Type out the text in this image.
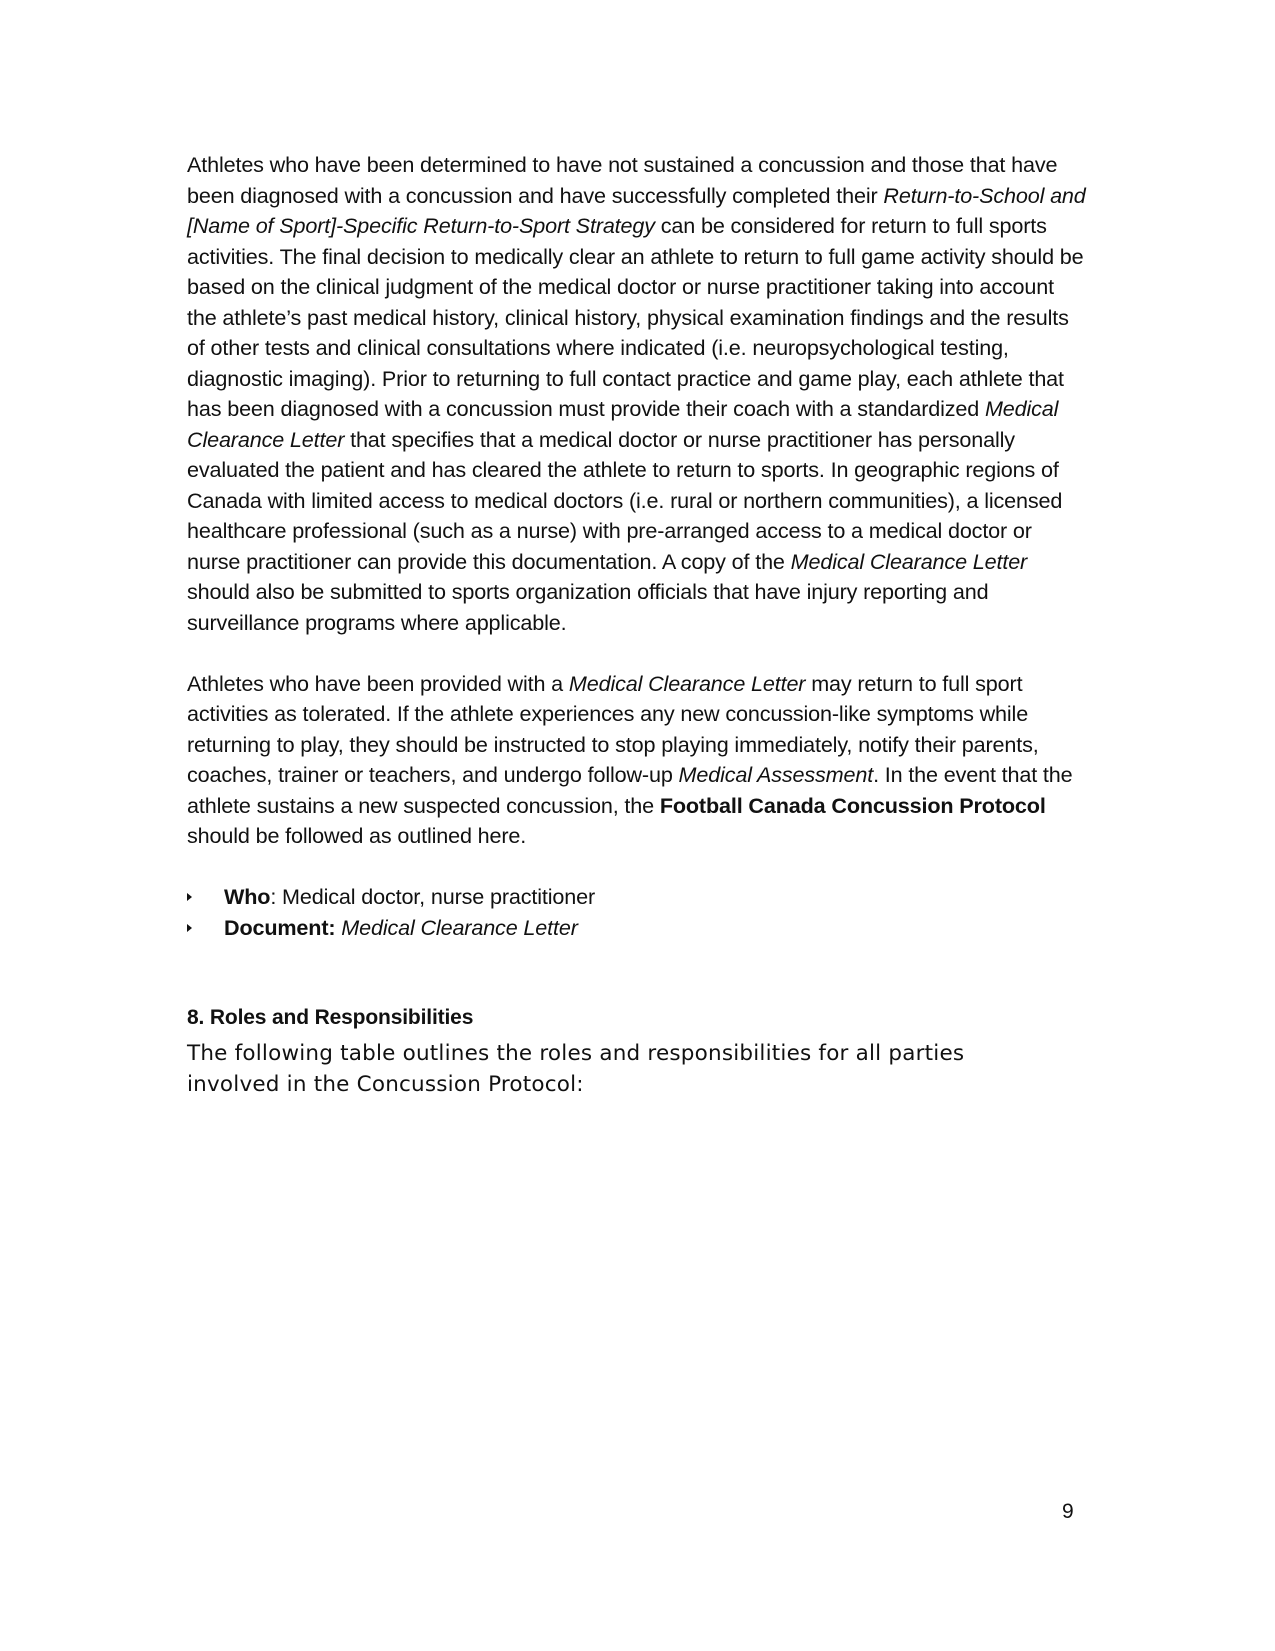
Athletes who have been determined to have not sustained a concussion and those that have been diagnosed with a concussion and have successfully completed their Return-to-School and [Name of Sport]-Specific Return-to-Sport Strategy can be considered for return to full sports activities. The final decision to medically clear an athlete to return to full game activity should be based on the clinical judgment of the medical doctor or nurse practitioner taking into account the athlete’s past medical history, clinical history, physical examination findings and the results of other tests and clinical consultations where indicated (i.e. neuropsychological testing, diagnostic imaging). Prior to returning to full contact practice and game play, each athlete that has been diagnosed with a concussion must provide their coach with a standardized Medical Clearance Letter that specifies that a medical doctor or nurse practitioner has personally evaluated the patient and has cleared the athlete to return to sports. In geographic regions of Canada with limited access to medical doctors (i.e. rural or northern communities), a licensed healthcare professional (such as a nurse) with pre-arranged access to a medical doctor or nurse practitioner can provide this documentation. A copy of the Medical Clearance Letter should also be submitted to sports organization officials that have injury reporting and surveillance programs where applicable.

Athletes who have been provided with a Medical Clearance Letter may return to full sport activities as tolerated. If the athlete experiences any new concussion-like symptoms while returning to play, they should be instructed to stop playing immediately, notify their parents, coaches, trainer or teachers, and undergo follow-up Medical Assessment. In the event that the athlete sustains a new suspected concussion, the Football Canada Concussion Protocol should be followed as outlined here.

Who: Medical doctor, nurse practitioner
Document: Medical Clearance Letter

8. Roles and Responsibilities

The following table outlines the roles and responsibilities for all parties involved in the Concussion Protocol:

9
